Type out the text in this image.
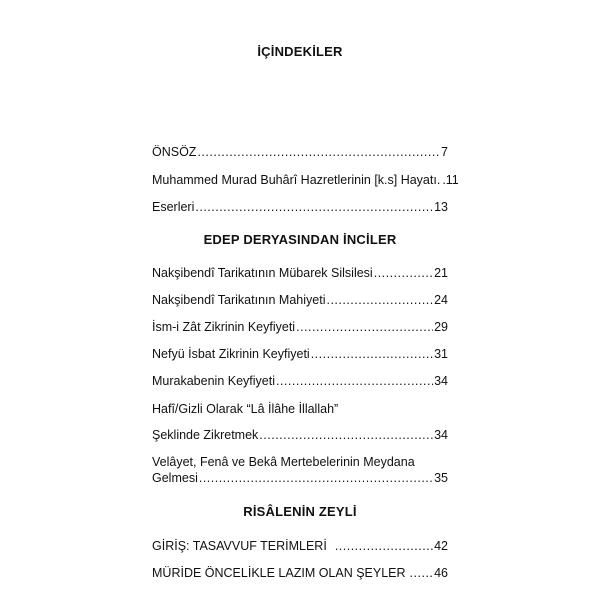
İÇİNDEKİLER
ÖNSÖZ .....	7
Muhammed Murad Buhârî Hazretlerinin [k.s] Hayatı. .11
Eserleri .....	13
EDEP DERYASINDAN İNCİLER
Nakşibendî Tarikatının Mübarek Silsilesi .....	21
Nakşibendî Tarikatının Mahiyeti .....	24
İsm-i Zât Zikrinin Keyfiyeti .....	29
Nefyü İsbat Zikrinin Keyfiyeti .....	31
Murakabenin Keyfiyeti .....	34
Hafî/Gizli Olarak “Lâ İlâhe İllallah”
Şeklinde Zikretmek .....	34
Velâyet, Fenâ ve Bekâ Mertebelerinin Meydana
Gelmesi .....	35
RİSÂLENİN ZEYLİ
GİRİŞ: TASAVVUF TERİMLERİ .....	42
MÜRİDE ÖNCELİKLE LAZIM OLAN ŞEYLER ..... 46
